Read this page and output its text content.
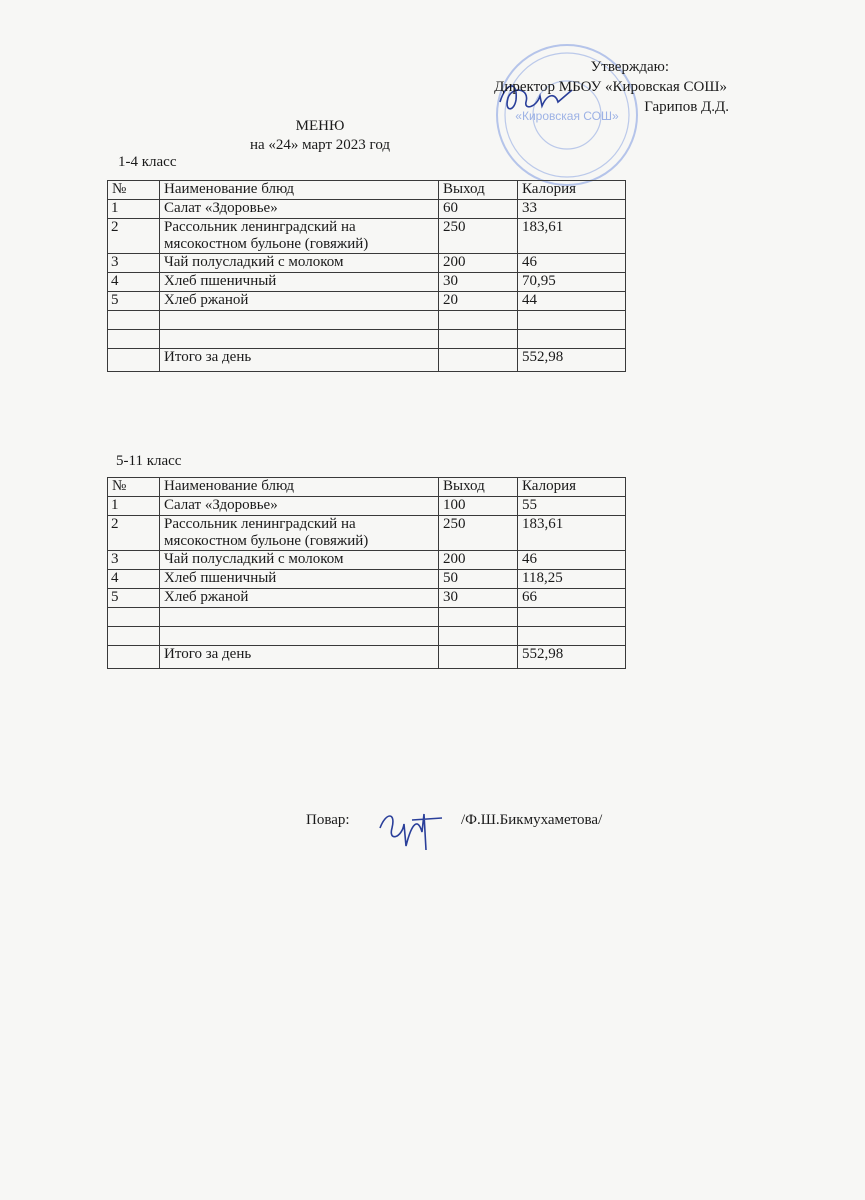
«Кировская СОШ»
Утверждаю:
Директор МБОУ «Кировская СОШ»
Гарипов Д.Д.
МЕНЮ
на «24» март 2023 год
1-4 класс
№	Наименование блюд	Выход	Калория
1	Салат «Здоровье»	60	33
2	Рассольник ленинградский на мясокостном бульоне (говяжий)	250	183,61
3	Чай полусладкий с молоком	200	46
4	Хлеб пшеничный	30	70,95
5	Хлеб ржаной	20	44

	Итого за день		552,98
5-11 класс
№	Наименование блюд	Выход	Калория
1	Салат «Здоровье»	100	55
2	Рассольник ленинградский на мясокостном бульоне (говяжий)	250	183,61
3	Чай полусладкий с молоком	200	46
4	Хлеб пшеничный	50	118,25
5	Хлеб ржаной	30	66

	Итого за день		552,98
Повар:	/Ф.Ш.Бикмухаметова/
